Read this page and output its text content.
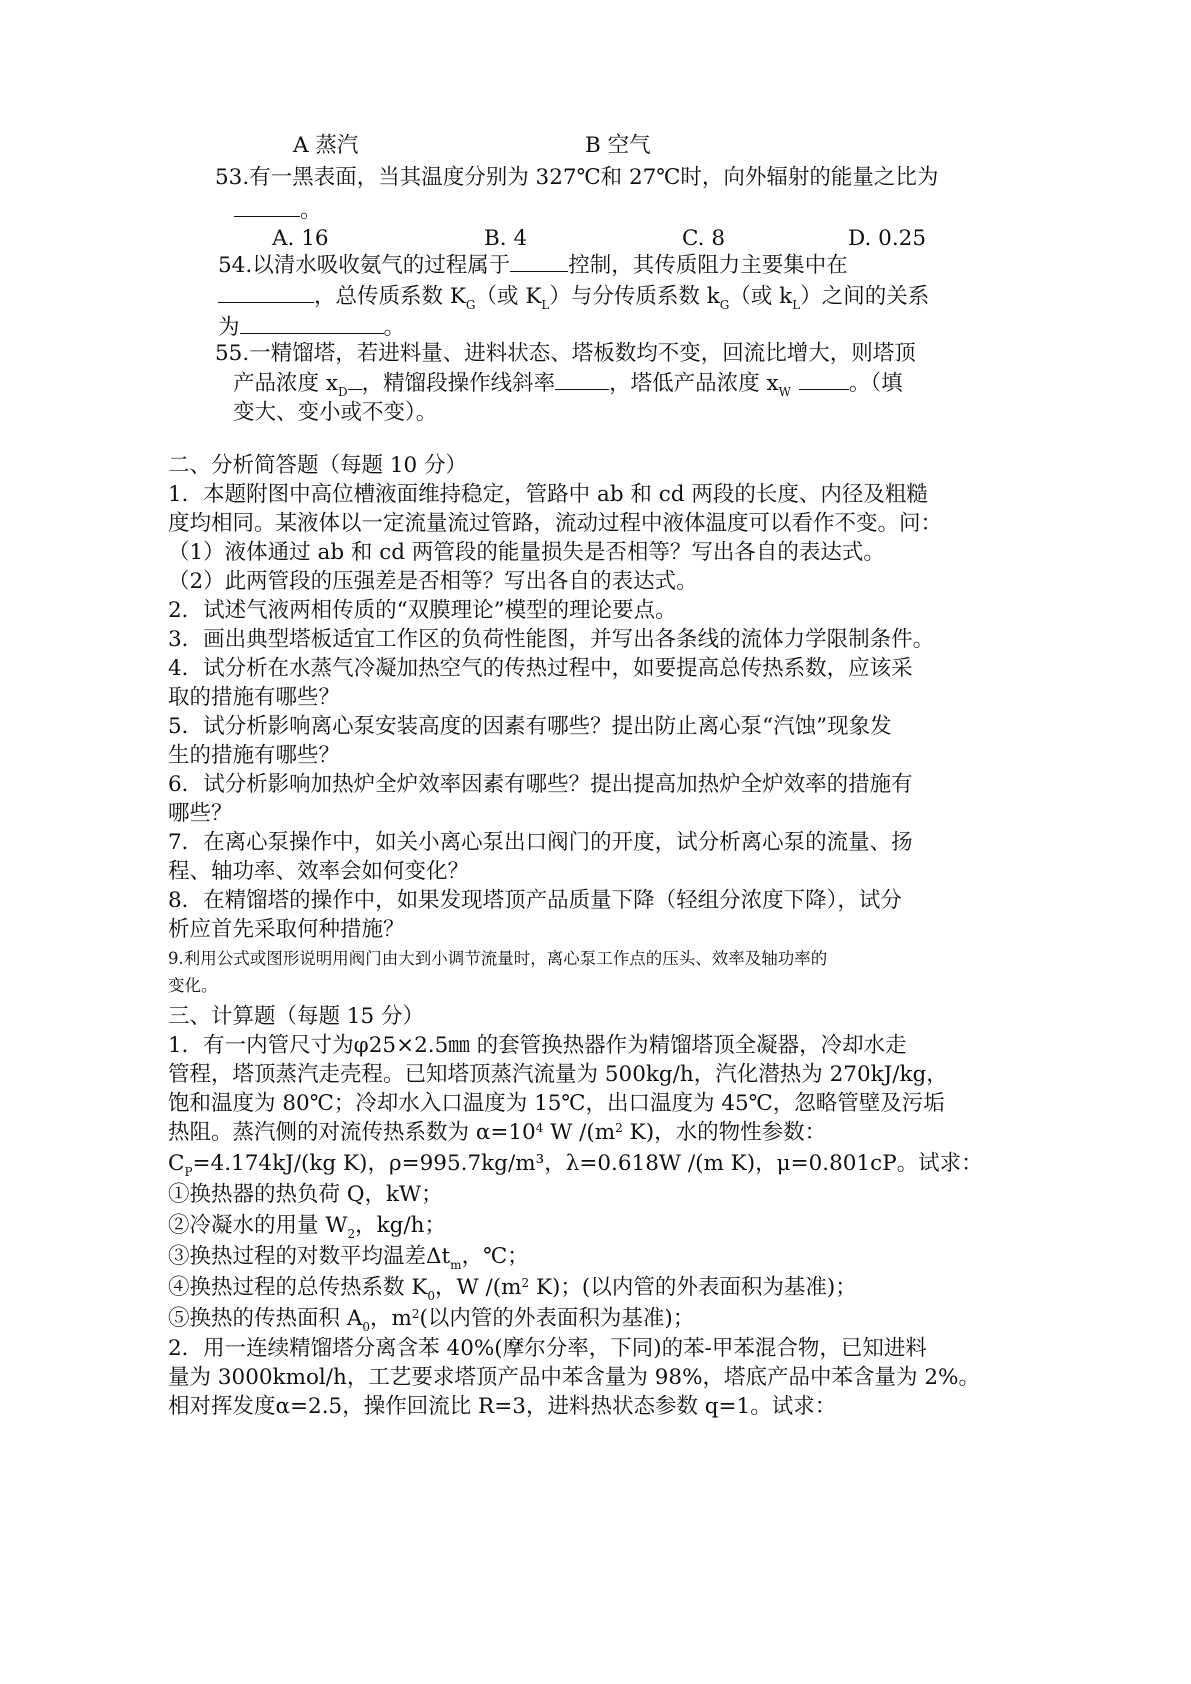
A 蒸汽	B 空气
53.有一黑表面，当其温度分别为 327℃和 27℃时，向外辐射的能量之比为
。
A. 16	B. 4	C. 8	D. 0.25
54.以清水吸收氨气的过程属于	控制，其传质阻力主要集中在
，总传质系数 $K_G$（或 $K_L$）与分传质系数 $k_G$（或 $k_L$）之间的关系
为	。
55.一精馏塔，若进料量、进料状态、塔板数均不变，回流比增大，则塔顶
产品浓度 $x_D$ ，精馏段操作线斜率	，塔低产品浓度 $x_W$	。（填
变大、变小或不变）。
二、分析简答题（每题 10 分）
1．本题附图中高位槽液面维持稳定，管路中 ab 和 cd 两段的长度、内径及粗糙
度均相同。某液体以一定流量流过管路，流动过程中液体温度可以看作不变。问：
（1）液体通过 ab 和 cd 两管段的能量损失是否相等？写出各自的表达式。
（2）此两管段的压强差是否相等？写出各自的表达式。
2．试述气液两相传质的“双膜理论”模型的理论要点。
3．画出典型塔板适宜工作区的负荷性能图，并写出各条线的流体力学限制条件。
4．试分析在水蒸气冷凝加热空气的传热过程中，如要提高总传热系数，应该采
取的措施有哪些？
5．试分析影响离心泵安装高度的因素有哪些？提出防止离心泵“汽蚀”现象发
生的措施有哪些？
6．试分析影响加热炉全炉效率因素有哪些？提出提高加热炉全炉效率的措施有
哪些？
7．在离心泵操作中，如关小离心泵出口阀门的开度，试分析离心泵的流量、扬
程、轴功率、效率会如何变化？
8．在精馏塔的操作中，如果发现塔顶产品质量下降（轻组分浓度下降），试分
析应首先采取何种措施？
9.利用公式或图形说明用阀门由大到小调节流量时，离心泵工作点的压头、效率及轴功率的
变化。
三、计算题（每题 15 分）
1．有一内管尺寸为φ25×2.5㎜ 的套管换热器作为精馏塔顶全凝器，冷却水走
管程，塔顶蒸汽走壳程。已知塔顶蒸汽流量为 500kg/h，汽化潜热为 270kJ/kg，
饱和温度为 80℃；冷却水入口温度为 15℃，出口温度为 45℃，忽略管壁及污垢
热阻。蒸汽侧的对流传热系数为 $\alpha=10^4$ W $/(m^2$ K)，水的物性参数：
$C_P=4.174kJ/(kg$ K)，ρ=995.7kg/m³，λ=0.618W /(m K)，μ=0.801cP。试求：
①换热器的热负荷 Q，kW；
②冷凝水的用量 $W_2$，kg/h；
③换热过程的对数平均温差$\Delta t_m$，℃；
④换热过程的总传热系数 $K_0$，W $/(m^2$ K)；(以内管的外表面积为基准)；
⑤换热的传热面积 $A_0$，$m^2$(以内管的外表面积为基准)；
2．用一连续精馏塔分离含苯 40%(摩尔分率，下同)的苯-甲苯混合物，已知进料
量为 3000kmol/h，工艺要求塔顶产品中苯含量为 98%，塔底产品中苯含量为 2%。
相对挥发度α=2.5，操作回流比 R=3，进料热状态参数 q=1。试求：
